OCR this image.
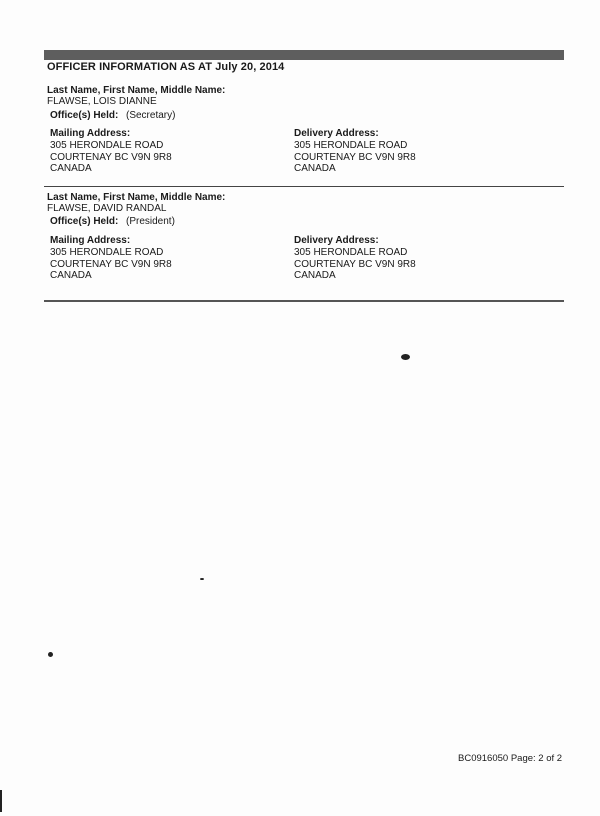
OFFICER INFORMATION AS AT July 20, 2014
Last Name, First Name, Middle Name:
FLAWSE, LOIS DIANNE
Office(s) Held: (Secretary)
Mailing Address:
305 HERONDALE ROAD
COURTENAY BC V9N 9R8
CANADA
Delivery Address:
305 HERONDALE ROAD
COURTENAY BC V9N 9R8
CANADA
Last Name, First Name, Middle Name:
FLAWSE, DAVID RANDAL
Office(s) Held: (President)
Mailing Address:
305 HERONDALE ROAD
COURTENAY BC V9N 9R8
CANADA
Delivery Address:
305 HERONDALE ROAD
COURTENAY BC V9N 9R8
CANADA
BC0916050 Page: 2 of 2
